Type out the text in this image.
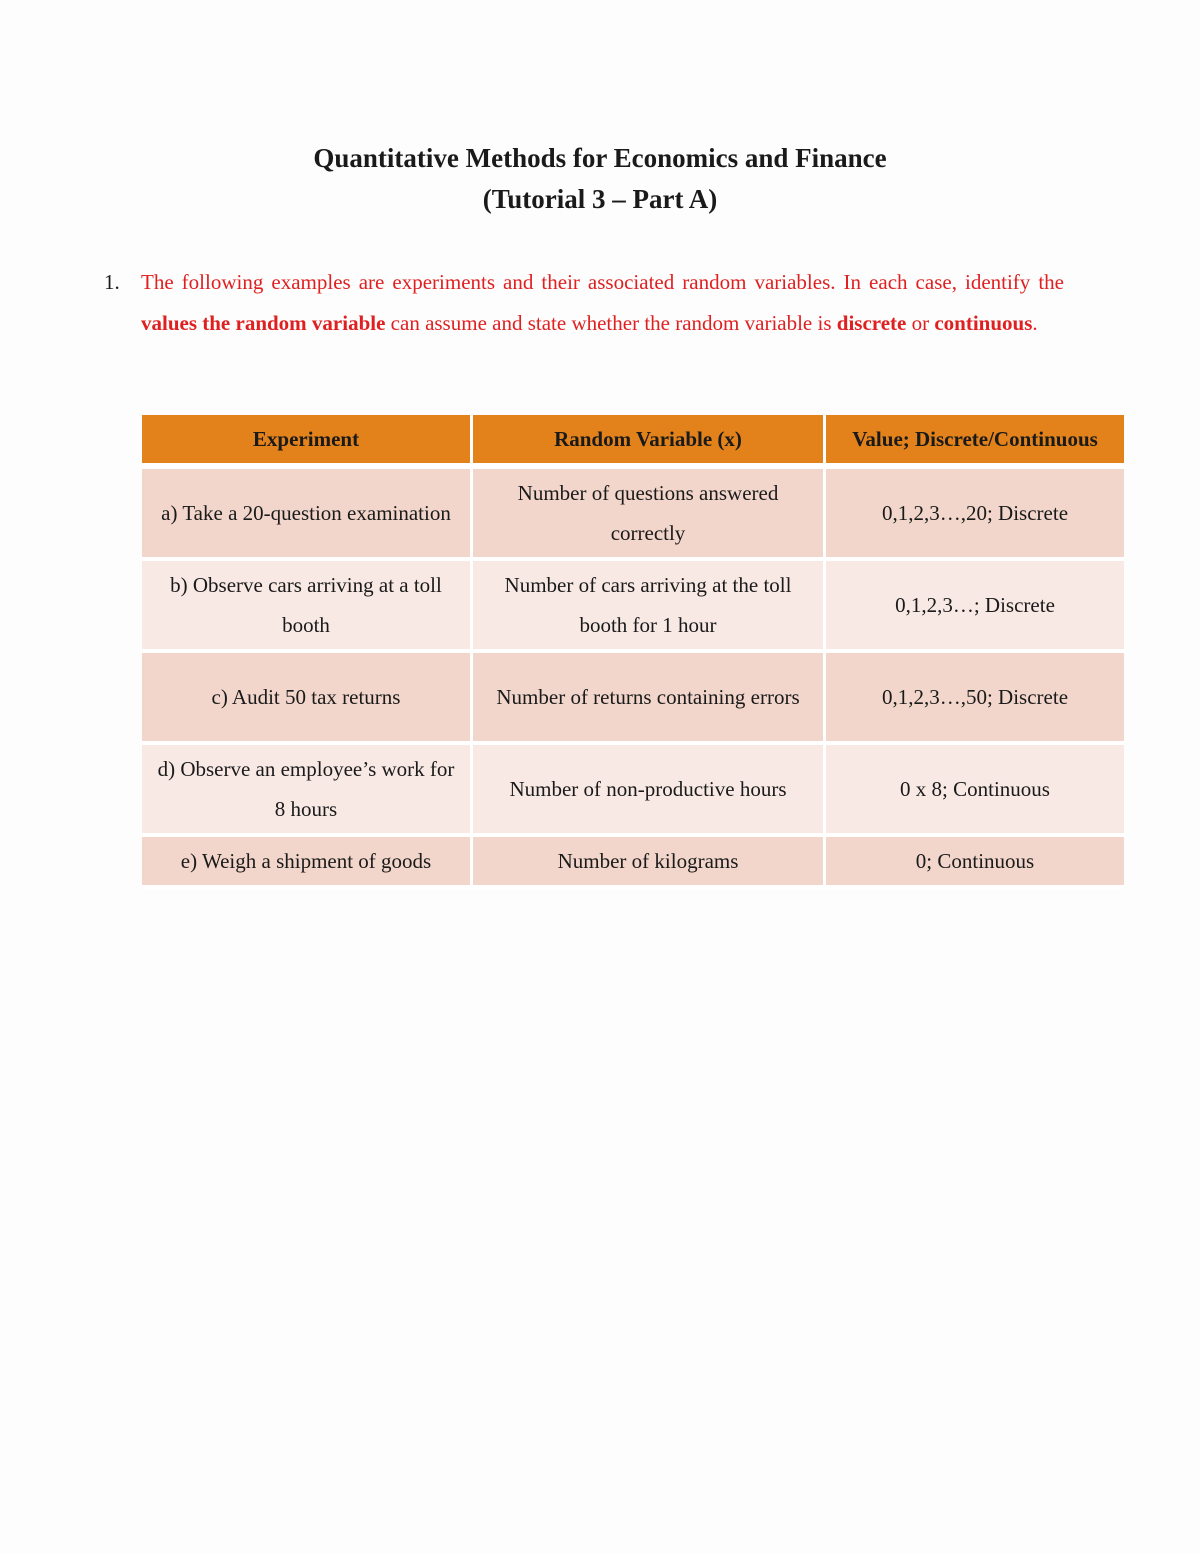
Quantitative Methods for Economics and Finance
(Tutorial 3 – Part A)
1. The following examples are experiments and their associated random variables. In each case, identify the values the random variable can assume and state whether the random variable is discrete or continuous.
Experiment	Random Variable (x)	Value; Discrete/Continuous
a) Take a 20-question examination	Number of questions answered correctly	0,1,2,3…,20; Discrete
b) Observe cars arriving at a toll booth	Number of cars arriving at the toll booth for 1 hour	0,1,2,3…; Discrete
c) Audit 50 tax returns	Number of returns containing errors	0,1,2,3…,50; Discrete
d) Observe an employee’s work for 8 hours	Number of non-productive hours	0 x 8; Continuous
e) Weigh a shipment of goods	Number of kilograms	0; Continuous
